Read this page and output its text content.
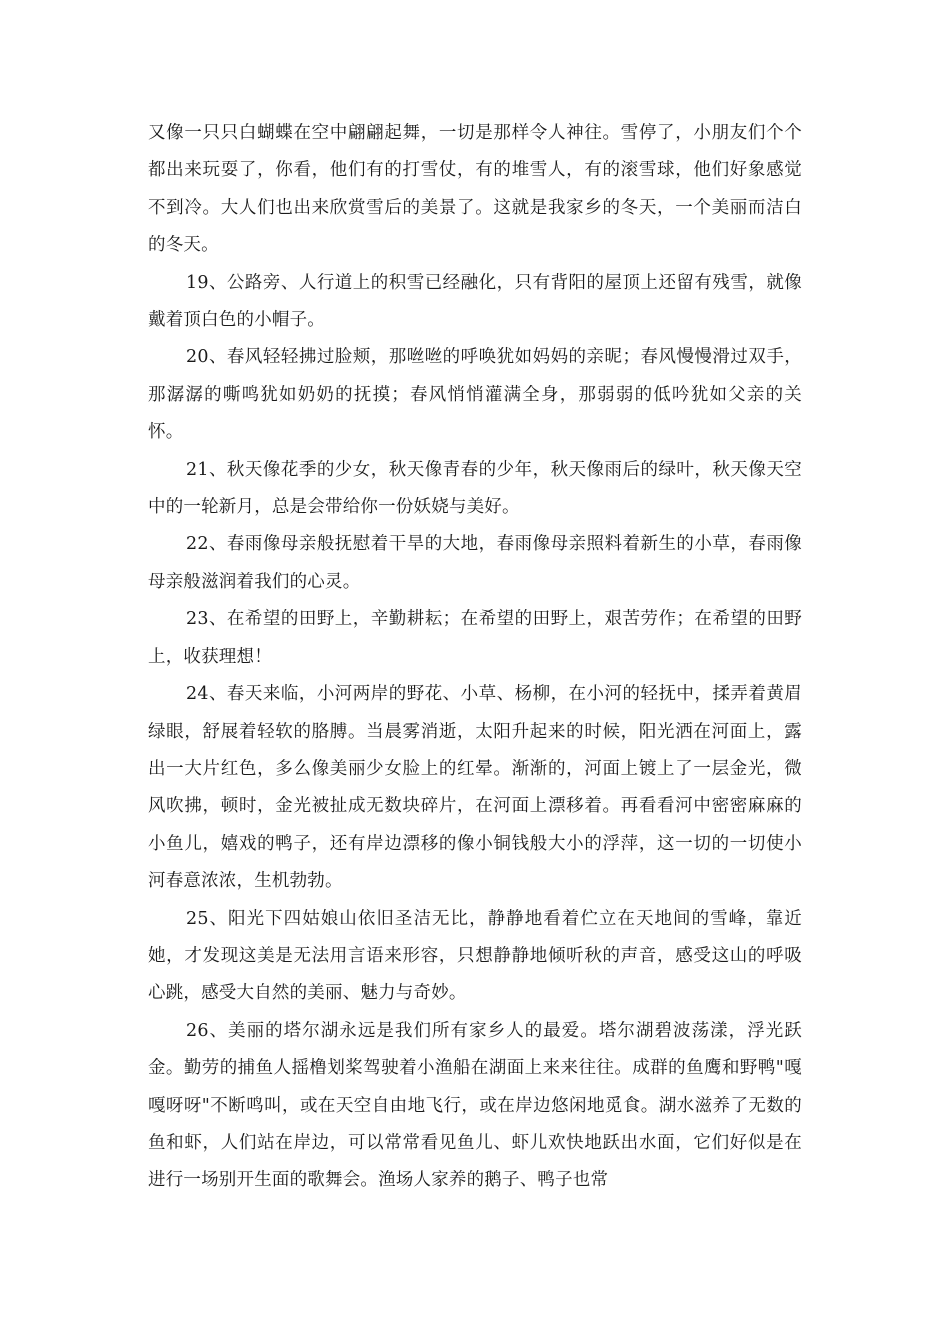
又像一只只白蝴蝶在空中翩翩起舞，一切是那样令人神往。雪停了，小朋友们个个都出来玩耍了，你看，他们有的打雪仗，有的堆雪人，有的滚雪球，他们好象感觉不到冷。大人们也出来欣赏雪后的美景了。这就是我家乡的冬天，一个美丽而洁白的冬天。

19、公路旁、人行道上的积雪已经融化，只有背阳的屋顶上还留有残雪，就像戴着顶白色的小帽子。

20、春风轻轻拂过脸颊，那咝咝的呼唤犹如妈妈的亲昵；春风慢慢滑过双手，那潺潺的嘶鸣犹如奶奶的抚摸；春风悄悄灌满全身，那弱弱的低吟犹如父亲的关怀。

21、秋天像花季的少女，秋天像青春的少年，秋天像雨后的绿叶，秋天像天空中的一轮新月，总是会带给你一份妖娆与美好。

22、春雨像母亲般抚慰着干旱的大地，春雨像母亲照料着新生的小草，春雨像母亲般滋润着我们的心灵。

23、在希望的田野上，辛勤耕耘；在希望的田野上，艰苦劳作；在希望的田野上，收获理想！

24、春天来临，小河两岸的野花、小草、杨柳，在小河的轻抚中，揉弄着黄眉绿眼，舒展着轻软的胳膊。当晨雾消逝，太阳升起来的时候，阳光洒在河面上，露出一大片红色，多么像美丽少女脸上的红晕。渐渐的，河面上镀上了一层金光，微风吹拂，顿时，金光被扯成无数块碎片，在河面上漂移着。再看看河中密密麻麻的小鱼儿，嬉戏的鸭子，还有岸边漂移的像小铜钱般大小的浮萍，这一切的一切使小河春意浓浓，生机勃勃。

25、阳光下四姑娘山依旧圣洁无比，静静地看着伫立在天地间的雪峰，靠近她，才发现这美是无法用言语来形容，只想静静地倾听秋的声音，感受这山的呼吸心跳，感受大自然的美丽、魅力与奇妙。

26、美丽的塔尔湖永远是我们所有家乡人的最爱。塔尔湖碧波荡漾，浮光跃金。勤劳的捕鱼人摇橹划桨驾驶着小渔船在湖面上来来往往。成群的鱼鹰和野鸭"嘎嘎呀呀"不断鸣叫，或在天空自由地飞行，或在岸边悠闲地觅食。湖水滋养了无数的鱼和虾，人们站在岸边，可以常常看见鱼儿、虾儿欢快地跃出水面，它们好似是在进行一场别开生面的歌舞会。渔场人家养的鹅子、鸭子也常
